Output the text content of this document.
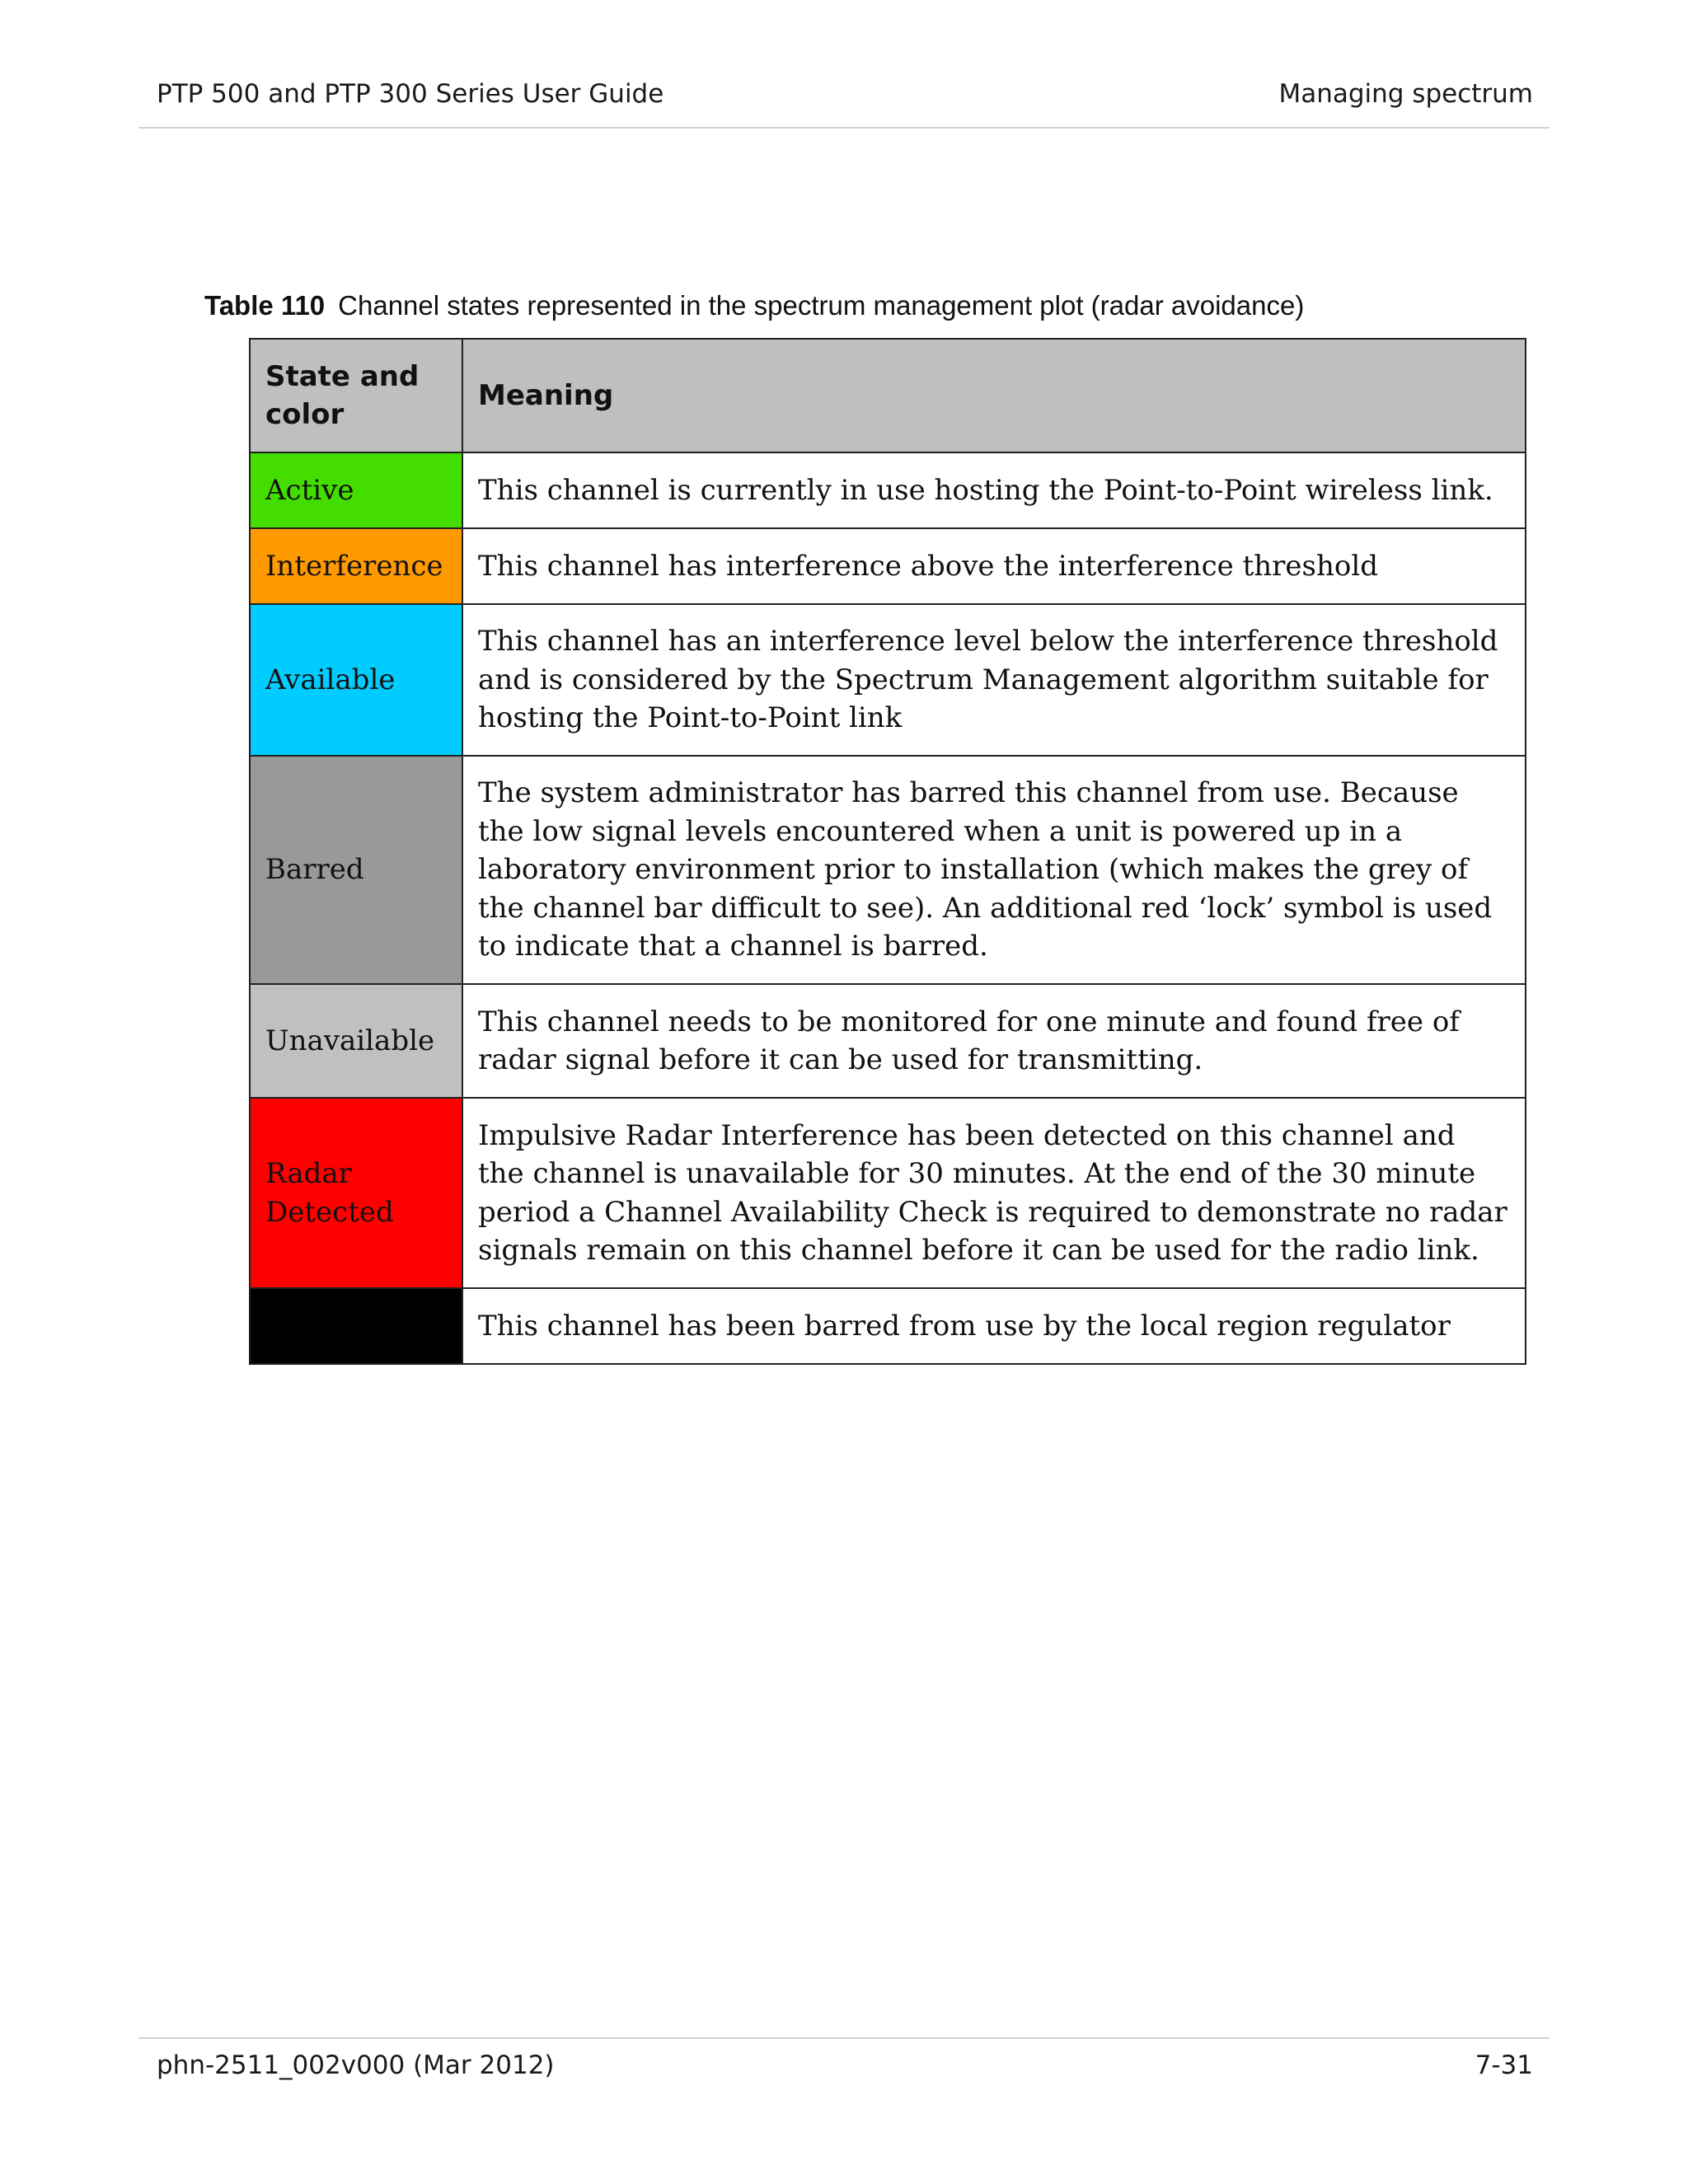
PTP 500 and PTP 300 Series User Guide	Managing spectrum
Table 110 Channel states represented in the spectrum management plot (radar avoidance)
State and color	Meaning
Active	This channel is currently in use hosting the Point-to-Point wireless link.
Interference	This channel has interference above the interference threshold
Available	This channel has an interference level below the interference threshold and is considered by the Spectrum Management algorithm suitable for hosting the Point-to-Point link
Barred	The system administrator has barred this channel from use. Because the low signal levels encountered when a unit is powered up in a laboratory environment prior to installation (which makes the grey of the channel bar difficult to see). An additional red ‘lock’ symbol is used to indicate that a channel is barred.
Unavailable	This channel needs to be monitored for one minute and found free of radar signal before it can be used for transmitting.
Radar Detected	Impulsive Radar Interference has been detected on this channel and the channel is unavailable for 30 minutes. At the end of the 30 minute period a Channel Availability Check is required to demonstrate no radar signals remain on this channel before it can be used for the radio link.
	This channel has been barred from use by the local region regulator
phn-2511_002v000 (Mar 2012)	7-31
